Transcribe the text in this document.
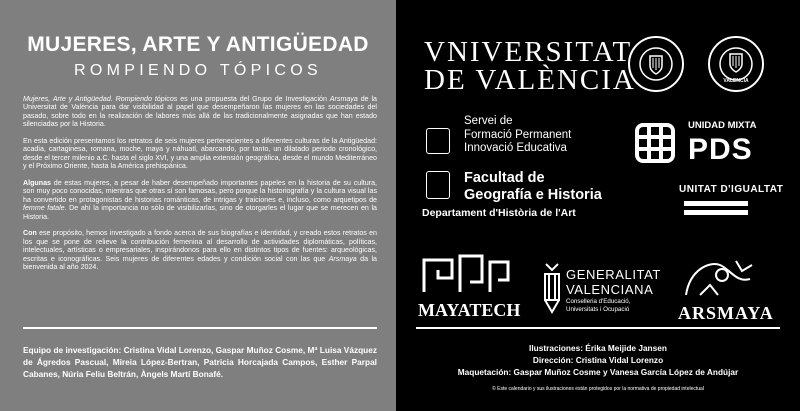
MUJERES, ARTE Y ANTIGÜEDAD
ROMPIENDO TÓPICOS

Mujeres, Arte y Antigüedad. Rompiendo tópicos es una propuesta del Grupo de Investigación Arsmaya de la Universitat de València para dar visibilidad al papel que desempeñaron las mujeres en las sociedades del pasado, sobre todo en la realización de labores más allá de las tradicionalmente asignadas que han estado silenciadas por la Historia.

En esta edición presentamos los retratos de seis mujeres pertenecientes a diferentes culturas de la Antigüedad: acadia, cartaginesa, romana, moche, maya y náhuatl, abarcando, por tanto, un dilatado periodo cronológico, desde el tercer milenio a.C. hasta el siglo XVI, y una amplia extensión geográfica, desde el mundo Mediterráneo y el Próximo Oriente, hasta la América prehispánica.

Algunas de estas mujeres, a pesar de haber desempeñado importantes papeles en la historia de su cultura, son muy poco conocidas, mientras que otras sí son famosas, pero porque la historiografía y la cultura visual las ha convertido en protagonistas de historias románticas, de intrigas y traiciones e, incluso, como arquetipos de femme fatale. De ahí la importancia no sólo de visibilizarlas, sino de otorgarles el lugar que se merecen en la Historia.

Con ese propósito, hemos investigado a fondo acerca de sus biografías e identidad, y creado estos retratos en los que se pone de relieve la contribución femenina al desarrollo de actividades diplomáticas, políticas, intelectuales, artísticas o empresariales, inspirándonos para ello en distintos tipos de fuentes: arqueológicas, escritas e iconográficas. Seis mujeres de diferentes edades y condición social con las que Arsmaya da la bienvenida al año 2024.

Equipo de investigación: Cristina Vidal Lorenzo, Gaspar Muñoz Cosme, Mª Luisa Vázquez de Ágredos Pascual, Mireia López-Bertran, Patricia Horcajada Campos, Esther Parpal Cabanes, Núria Feliu Beltrán, Àngels Martí Bonafé.
VNIVERSITAT
DE VALÈNCIA	VALENCIA
Servei de
Formació Permanent
Innovació Educativa
Facultad de
Geografía e Historia
Departament d'Història de l'Art
UNIDAD MIXTA
PDS
UNITAT D'IGUALTAT
MAYATECH
GENERALITAT
VALENCIANA
Conselleria d'Educació,
Universitats i Ocupació	ARSMAYA
Ilustraciones: Érika Meijide Jansen
Dirección: Cristina Vidal Lorenzo
Maquetación: Gaspar Muñoz Cosme y Vanesa García López de Andújar
© Este calendario y sus ilustraciones están protegidos por la normativa de propiedad intelectual
